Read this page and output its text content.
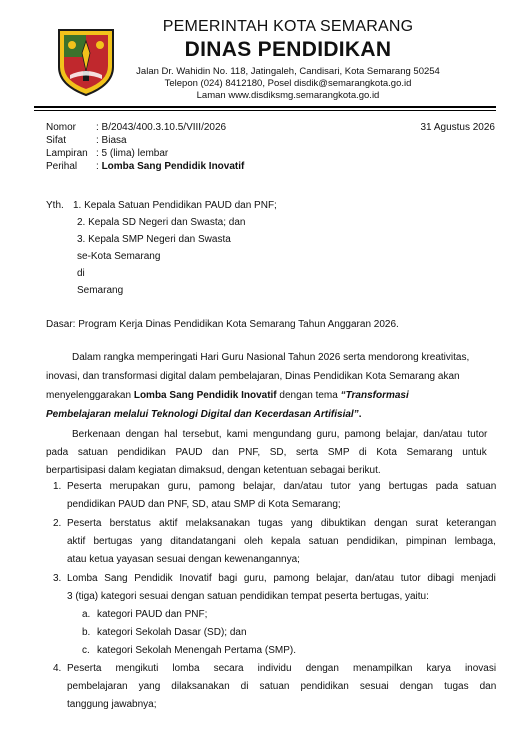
PEMERINTAH KOTA SEMARANG
DINAS PENDIDIKAN
Jalan Dr. Wahidin No. 118, Jatingaleh, Candisari, Kota Semarang 50254
Telepon (024) 8412180, Posel disdik@semarangkota.go.id
Laman www.disdiksmg.semarangkota.go.id
Nomor : B/2043/400.3.10.5/VIII/2026
Sifat	: Biasa
Lampiran : 5 (lima) lembar
Perihal : Lomba Sang Pendidik Inovatif
31 Agustus 2026
Yth. 1. Kepala Satuan Pendidikan PAUD dan PNF;
2. Kepala SD Negeri dan Swasta; dan
3. Kepala SMP Negeri dan Swasta
se-Kota Semarang
di
Semarang
Dasar: Program Kerja Dinas Pendidikan Kota Semarang Tahun Anggaran 2026.
Dalam rangka memperingati Hari Guru Nasional Tahun 2026 serta mendorong kreativitas,
inovasi, dan transformasi digital dalam pembelajaran, Dinas Pendidikan Kota Semarang akan
menyelenggarakan Lomba Sang Pendidik Inovatif dengan tema “Transformasi
Pembelajaran melalui Teknologi Digital dan Kecerdasan Artifisial”.
Berkenaan dengan hal tersebut, kami mengundang guru, pamong belajar, dan/atau tutor
pada satuan pendidikan PAUD dan PNF, SD, serta SMP di Kota Semarang untuk
berpartisipasi dalam kegiatan dimaksud, dengan ketentuan sebagai berikut.
1. Peserta merupakan guru, pamong belajar, dan/atau tutor yang bertugas pada satuan
pendidikan PAUD dan PNF, SD, atau SMP di Kota Semarang;
2. Peserta berstatus aktif melaksanakan tugas yang dibuktikan dengan surat keterangan
aktif bertugas yang ditandatangani oleh kepala satuan pendidikan, pimpinan lembaga,
atau ketua yayasan sesuai dengan kewenangannya;
3. Lomba Sang Pendidik Inovatif bagi guru, pamong belajar, dan/atau tutor dibagi menjadi
3 (tiga) kategori sesuai dengan satuan pendidikan tempat peserta bertugas, yaitu:
a. kategori PAUD dan PNF;
b. kategori Sekolah Dasar (SD); dan
c. kategori Sekolah Menengah Pertama (SMP).
4. Peserta mengikuti lomba secara individu dengan menampilkan karya inovasi
pembelajaran yang dilaksanakan di satuan pendidikan sesuai dengan tugas dan
tanggung jawabnya;
